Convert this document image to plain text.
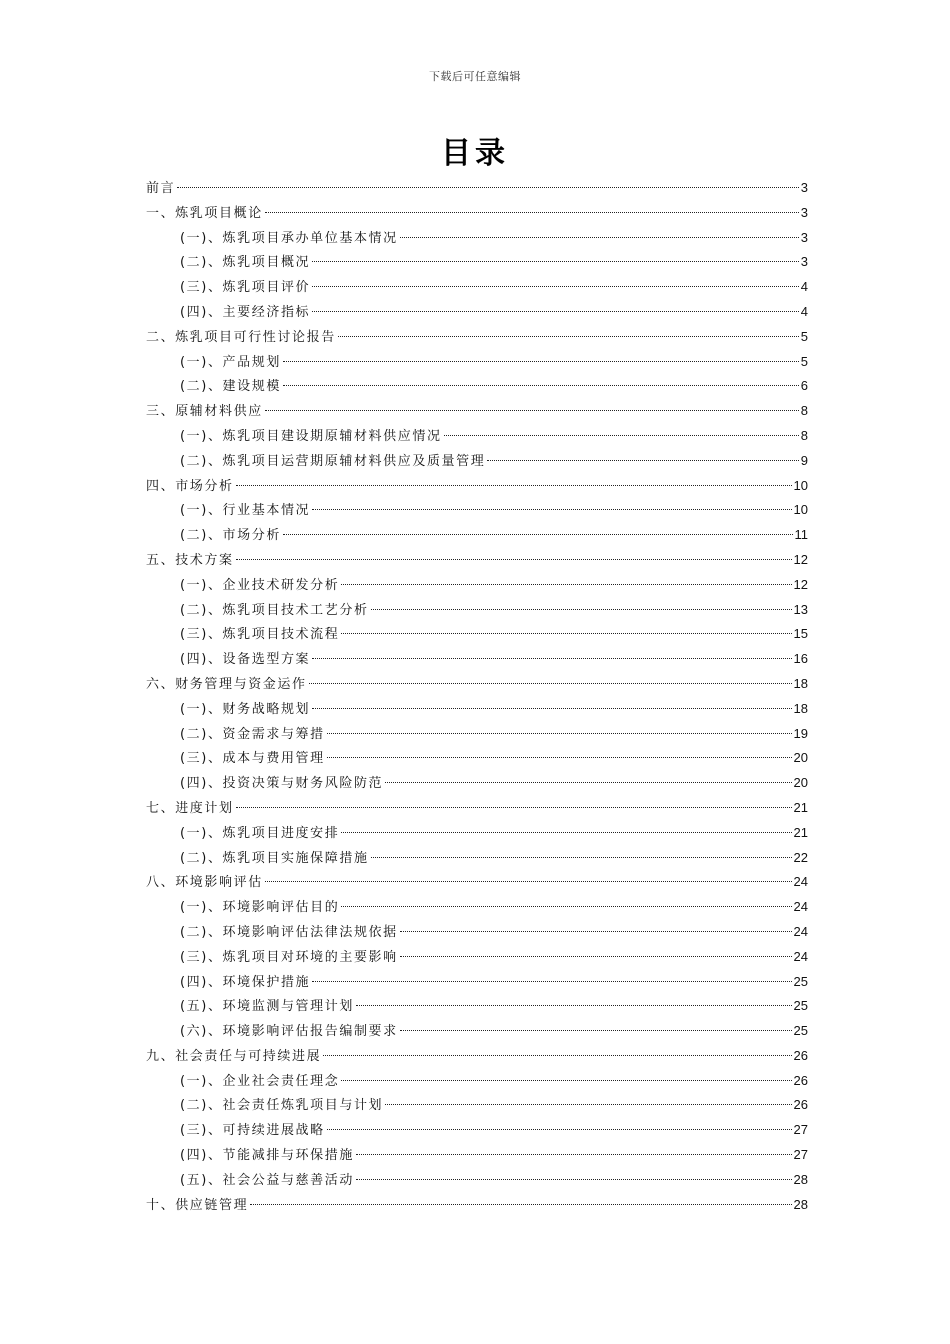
下载后可任意编辑
目录
前言	3
一、炼乳项目概论	3
(一)、炼乳项目承办单位基本情况	3
(二)、炼乳项目概况	3
(三)、炼乳项目评价	4
(四)、主要经济指标	4
二、炼乳项目可行性讨论报告	5
(一)、产品规划	5
(二)、建设规模	6
三、原辅材料供应	8
(一)、炼乳项目建设期原辅材料供应情况	8
(二)、炼乳项目运营期原辅材料供应及质量管理	9
四、市场分析	10
(一)、行业基本情况	10
(二)、市场分析	11
五、技术方案	12
(一)、企业技术研发分析	12
(二)、炼乳项目技术工艺分析	13
(三)、炼乳项目技术流程	15
(四)、设备选型方案	16
六、财务管理与资金运作	18
(一)、财务战略规划	18
(二)、资金需求与筹措	19
(三)、成本与费用管理	20
(四)、投资决策与财务风险防范	20
七、进度计划	21
(一)、炼乳项目进度安排	21
(二)、炼乳项目实施保障措施	22
八、环境影响评估	24
(一)、环境影响评估目的	24
(二)、环境影响评估法律法规依据	24
(三)、炼乳项目对环境的主要影响	24
(四)、环境保护措施	25
(五)、环境监测与管理计划	25
(六)、环境影响评估报告编制要求	25
九、社会责任与可持续进展	26
(一)、企业社会责任理念	26
(二)、社会责任炼乳项目与计划	26
(三)、可持续进展战略	27
(四)、节能减排与环保措施	27
(五)、社会公益与慈善活动	28
十、供应链管理	28
